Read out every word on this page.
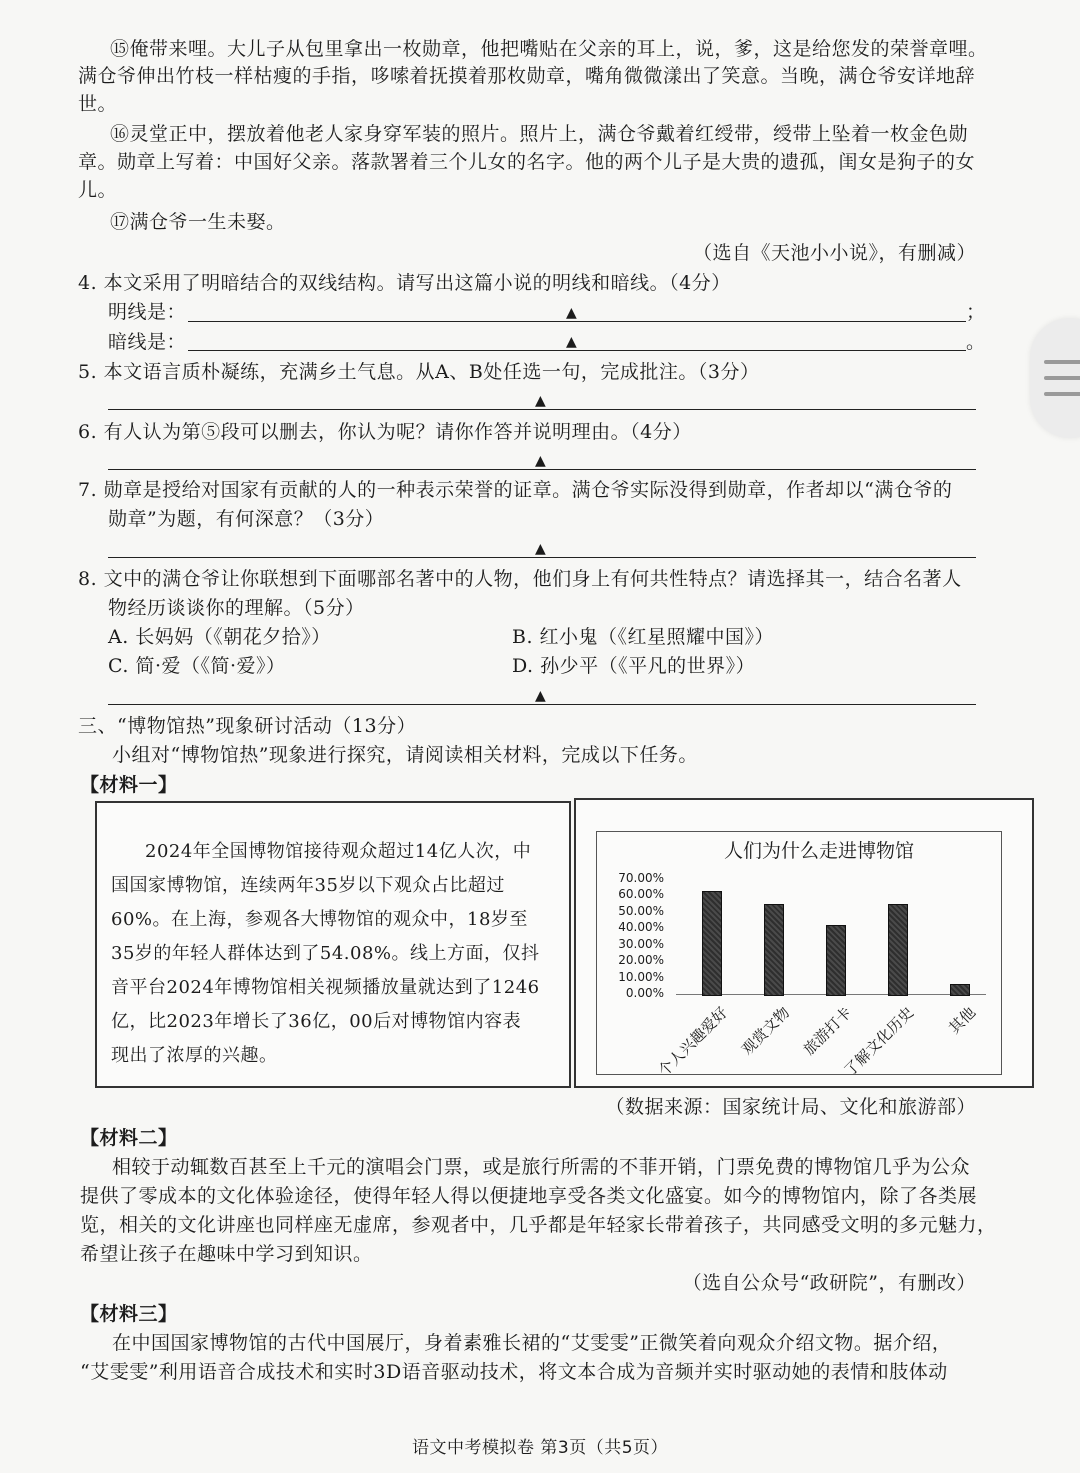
⑮俺带来哩。大儿子从包里拿出一枚勋章，他把嘴贴在父亲的耳上，说，爹，这是给您发的荣誉章哩。
满仓爷伸出竹枝一样枯瘦的手指，哆嗦着抚摸着那枚勋章，嘴角微微漾出了笑意。当晚，满仓爷安详地辞
世。
⑯灵堂正中，摆放着他老人家身穿军装的照片。照片上，满仓爷戴着红绶带，绶带上坠着一枚金色勋
章。勋章上写着：中国好父亲。落款署着三个儿女的名字。他的两个儿子是大贵的遗孤，闺女是狗子的女
儿。
⑰满仓爷一生未娶。
（选自《天池小小说》，有删减）
4. 本文采用了明暗结合的双线结构。请写出这篇小说的明线和暗线。（4分）
明线是：	▲	；
暗线是：	▲	。
5. 本文语言质朴凝练，充满乡土气息。从A、B处任选一句，完成批注。（3分）
▲
6. 有人认为第⑤段可以删去，你认为呢？请你作答并说明理由。（4分）
▲
7. 勋章是授给对国家有贡献的人的一种表示荣誉的证章。满仓爷实际没得到勋章，作者却以“满仓爷的
勋章”为题，有何深意？（3分）
▲
8. 文中的满仓爷让你联想到下面哪部名著中的人物，他们身上有何共性特点？请选择其一，结合名著人
物经历谈谈你的理解。（5分）
A. 长妈妈（《朝花夕拾》）	B. 红小鬼（《红星照耀中国》）
C. 简·爱（《简·爱》）	D. 孙少平（《平凡的世界》）
▲
三、“博物馆热”现象研讨活动（13分）
小组对“博物馆热”现象进行探究，请阅读相关材料，完成以下任务。
【材料一】
2024年全国博物馆接待观众超过14亿人次，中
国国家博物馆，连续两年35岁以下观众占比超过
60%。在上海，参观各大博物馆的观众中，18岁至
35岁的年轻人群体达到了54.08%。线上方面，仅抖
音平台2024年博物馆相关视频播放量就达到了1246
亿，比2023年增长了36亿，00后对博物馆内容表
现出了浓厚的兴趣。
人们为什么走进博物馆
0.00%
10.00%
20.00%
30.00%
40.00%
50.00%
60.00%
70.00%
个人兴趣爱好 观赏文物 旅游打卡
了解文化历史 其他
（数据来源：国家统计局、文化和旅游部）
【材料二】
相较于动辄数百甚至上千元的演唱会门票，或是旅行所需的不菲开销，门票免费的博物馆几乎为公众
提供了零成本的文化体验途径，使得年轻人得以便捷地享受各类文化盛宴。如今的博物馆内，除了各类展
览，相关的文化讲座也同样座无虚席，参观者中，几乎都是年轻家长带着孩子，共同感受文明的多元魅力，
希望让孩子在趣味中学习到知识。
（选自公众号“政研院”，有删改）
【材料三】
在中国国家博物馆的古代中国展厅，身着素雅长裙的“艾雯雯”正微笑着向观众介绍文物。据介绍，
“艾雯雯”利用语音合成技术和实时3D语音驱动技术，将文本合成为音频并实时驱动她的表情和肢体动
语文中考模拟卷 第3页（共5页）
